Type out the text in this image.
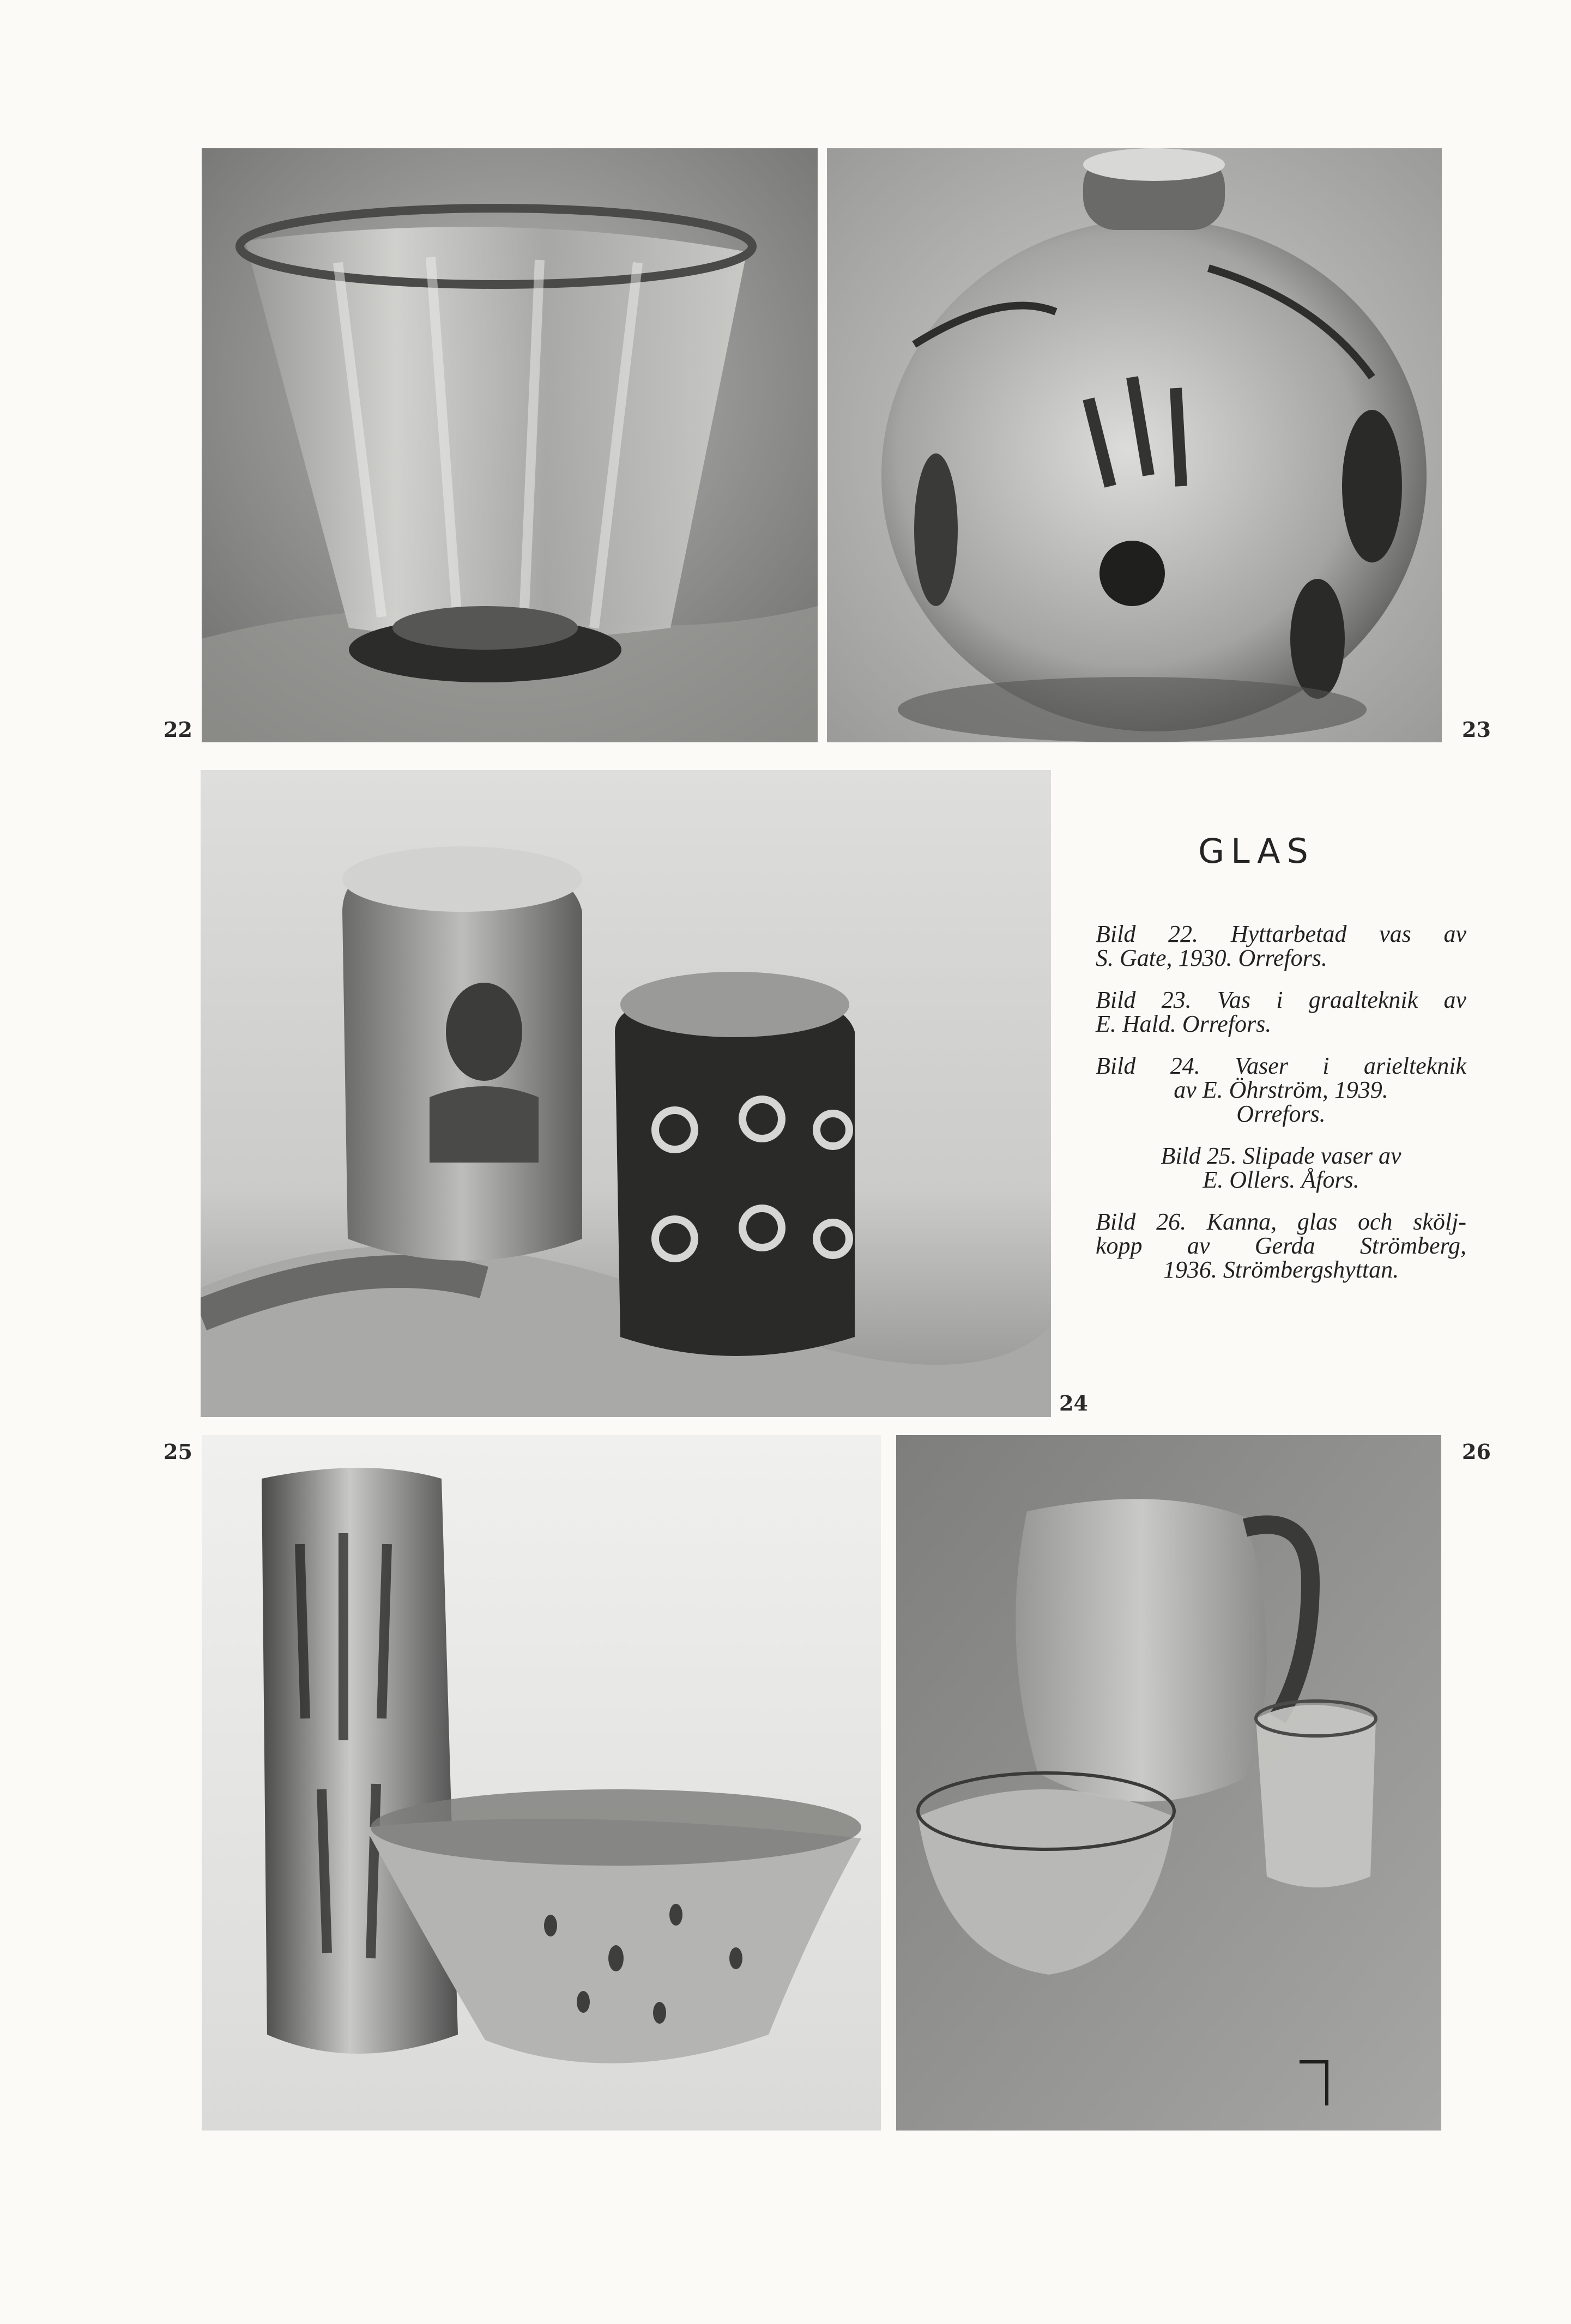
22	23
24
25	26
GLAS
Bild 22. Hyttarbetad vas av
S. Gate, 1930. Orrefors.
Bild 23. Vas i graalteknik av
E. Hald. Orrefors.
Bild 24. Vaser i arielteknik
av E. Öhrström, 1939.
Orrefors.
Bild 25. Slipade vaser av
E. Ollers. Åfors.
Bild 26. Kanna, glas och skölj-
kopp av Gerda Strömberg,
1936. Strömbergshyttan.
